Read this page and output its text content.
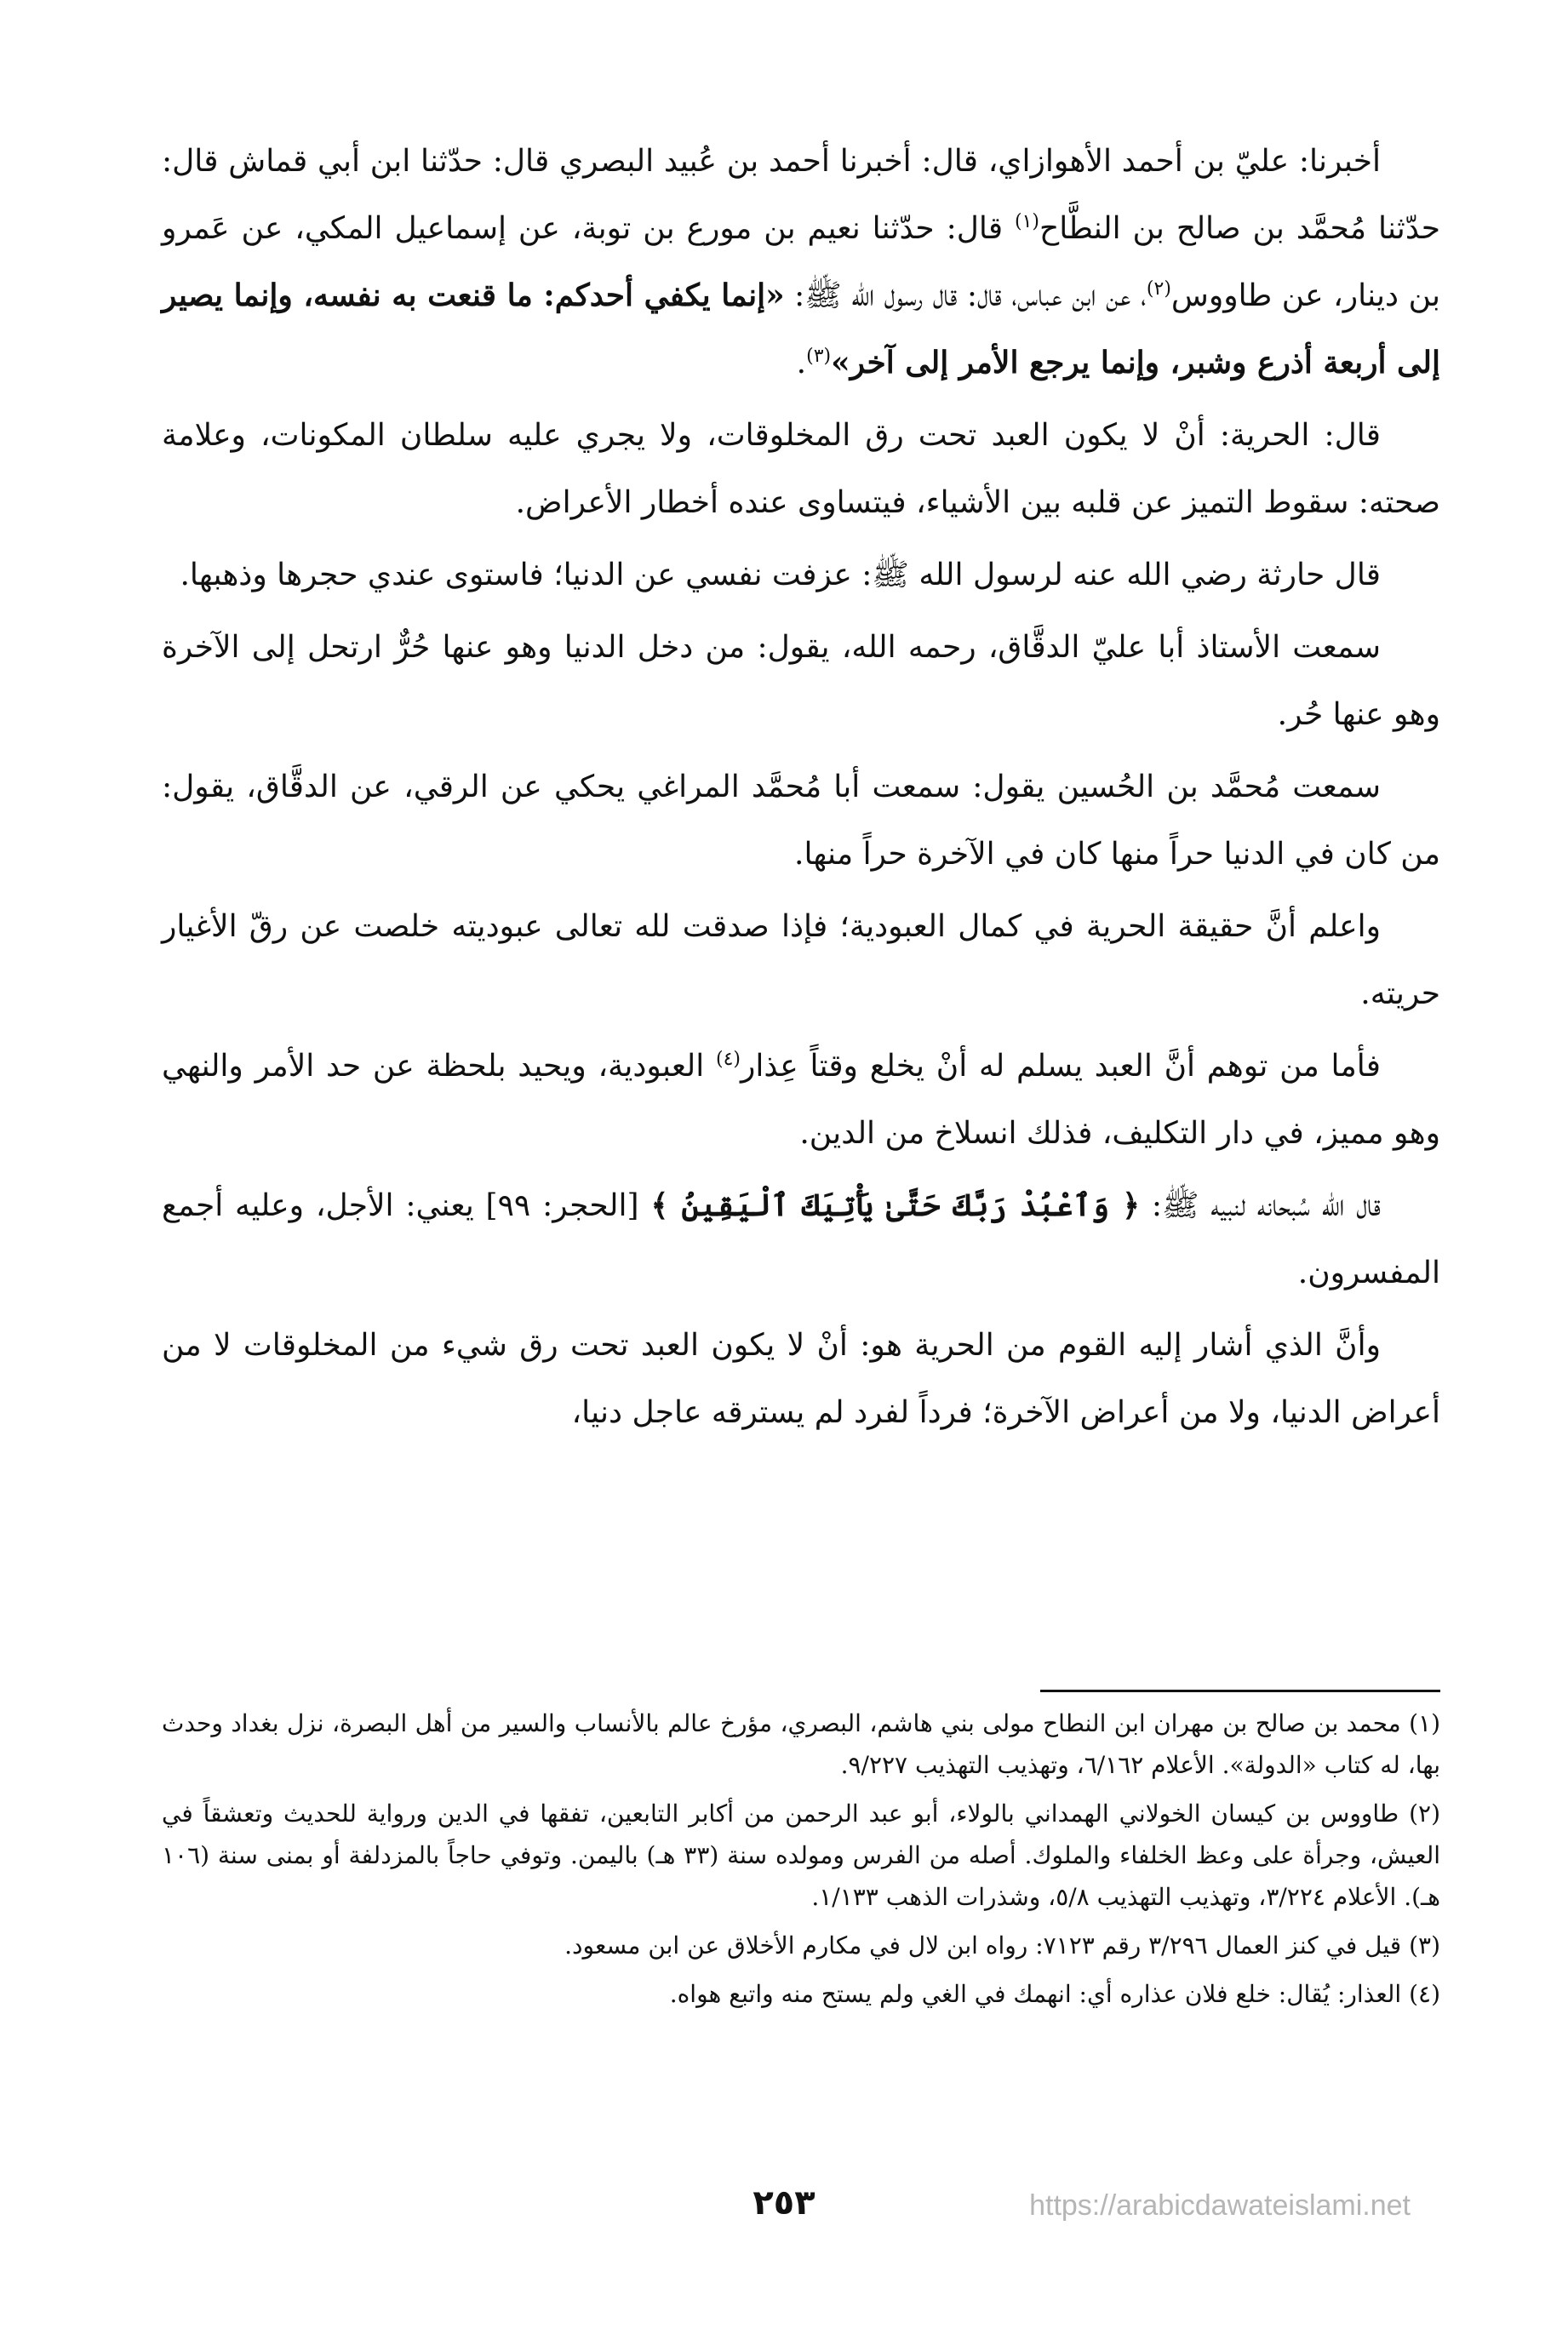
أخبرنا: عليّ بن أحمد الأهوازاي، قال: أخبرنا أحمد بن عُبيد البصري قال: حدّثنا ابن أبي قماش قال: حدّثنا مُحمَّد بن صالح بن النطَّاح$^{(١)}$ قال: حدّثنا نعيم بن مورع بن توبة، عن إسماعيل المكي، عن عَمرو بن دينار، عن طاووس$^{(٢)}$، عن ابن عباس، قال: قال رسول الله ﷺ: «إنما يكفي أحدكم: ما قنعت به نفسه، وإنما يصير إلى أربعة أذرع وشبر، وإنما يرجع الأمر إلى آخر»$^{(٣)}$.

قال: الحرية: أنْ لا يكون العبد تحت رق المخلوقات، ولا يجري عليه سلطان المكونات، وعلامة صحته: سقوط التميز عن قلبه بين الأشياء، فيتساوى عنده أخطار الأعراض.

قال حارثة رضي الله عنه لرسول الله ﷺ: عزفت نفسي عن الدنيا؛ فاستوى عندي حجرها وذهبها.

سمعت الأستاذ أبا عليّ الدقَّاق، رحمه الله، يقول: من دخل الدنيا وهو عنها حُرٌّ ارتحل إلى الآخرة وهو عنها حُر.

سمعت مُحمَّد بن الحُسين يقول: سمعت أبا مُحمَّد المراغي يحكي عن الرقي، عن الدقَّاق، يقول: من كان في الدنيا حراً منها كان في الآخرة حراً منها.

واعلم أنَّ حقيقة الحرية في كمال العبودية؛ فإذا صدقت لله تعالى عبوديته خلصت عن رقّ الأغيار حريته.

فأما من توهم أنَّ العبد يسلم له أنْ يخلع وقتاً عِذار$^{(٤)}$ العبودية، ويحيد بلحظة عن حد الأمر والنهي وهو مميز، في دار التكليف، فذلك انسلاخ من الدين.

قال الله سُبحانه لنبيه ﷺ: ﴿ وَٱعْبُدْ رَبَّكَ حَتَّىٰ يَأْتِيَكَ ٱلْيَقِينُ ﴾ [الحجر: ٩٩] يعني: الأجل، وعليه أجمع المفسرون.

وأنَّ الذي أشار إليه القوم من الحرية هو: أنْ لا يكون العبد تحت رق شيء من المخلوقات لا من أعراض الدنيا، ولا من أعراض الآخرة؛ فرداً لفرد لم يسترقه عاجل دنيا،

(١) محمد بن صالح بن مهران ابن النطاح مولى بني هاشم، البصري، مؤرخ عالم بالأنساب والسير من أهل البصرة، نزل بغداد وحدث بها، له كتاب «الدولة». الأعلام ٦/١٦٢، وتهذيب التهذيب ٩/٢٢٧.

(٢) طاووس بن كيسان الخولاني الهمداني بالولاء، أبو عبد الرحمن من أكابر التابعين، تفقها في الدين ورواية للحديث وتعشقاً في العيش، وجرأة على وعظ الخلفاء والملوك. أصله من الفرس ومولده سنة (٣٣ هـ) باليمن. وتوفي حاجاً بالمزدلفة أو بمنى سنة (١٠٦ هـ). الأعلام ٣/٢٢٤، وتهذيب التهذيب ٥/٨، وشذرات الذهب ١/١٣٣.

(٣) قيل في كنز العمال ٣/٢٩٦ رقم ٧١٢٣: رواه ابن لال في مكارم الأخلاق عن ابن مسعود.

(٤) العذار: يُقال: خلع فلان عذاره أي: انهمك في الغي ولم يستح منه واتبع هواه.

٢٥٣	https://arabicdawateislami.net
